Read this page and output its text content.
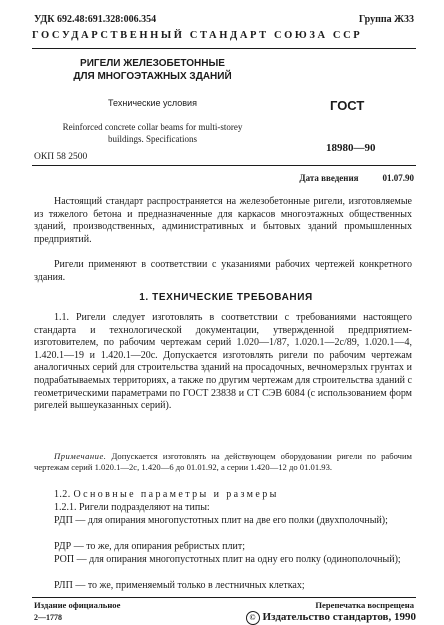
УДК 692.48:691.328:006.354	Группа Ж33
ГОСУДАРСТВЕННЫЙ СТАНДАРТ СОЮЗА ССР
РИГЕЛИ ЖЕЛЕЗОБЕТОННЫЕ
ДЛЯ МНОГОЭТАЖНЫХ ЗДАНИЙ
Технические условия
Reinforced concrete collar beams for multi-storey
buildings. Specifications
ГОСТ
18980—90
ОКП 58 2500
Дата введения	01.07.90

Настоящий стандарт распространяется на железобетонные ригели, изготовляемые из тяжелого бетона и предназначенные для каркасов многоэтажных общественных зданий, производственных, административных и бытовых зданий промышленных предприятий.

Ригели применяют в соответствии с указаниями рабочих чертежей конкретного здания.

1. ТЕХНИЧЕСКИЕ ТРЕБОВАНИЯ

1.1. Ригели следует изготовлять в соответствии с требованиями настоящего стандарта и технологической документации, утвержденной предприятием-изготовителем, по рабочим чертежам серий 1.020—1/87, 1.020.1—2с/89, 1.020.1—4, 1.420.1—19 и 1.420.1—20с. Допускается изготовлять ригели по рабочим чертежам аналогичных серий для строительства зданий на просадочных, вечномерзлых грунтах и подрабатываемых территориях, а также по другим чертежам для строительства зданий с геометрическими параметрами по ГОСТ 23838 и СТ СЭВ 6084 (с использованием форм ригелей вышеуказанных серий).

Примечание. Допускается изготовлять на действующем оборудовании ригели по рабочим чертежам серий 1.020.1—2с, 1.420—6 до 01.01.92, а серии 1.420—12 до 01.01.93.

1.2. Основные параметры и размеры

1.2.1. Ригели подразделяют на типы:

РДП — для опирания многопустотных плит на две его полки (двухполочный);

РДР — то же, для опирания ребристых плит;

РОП — для опирания многопустотных плит на одну его полку (одинополочный);

РЛП — то же, применяемый только в лестничных клетках;

Издание официальное	Перепечатка воспрещена
© Издательство стандартов, 1990
2—1778
